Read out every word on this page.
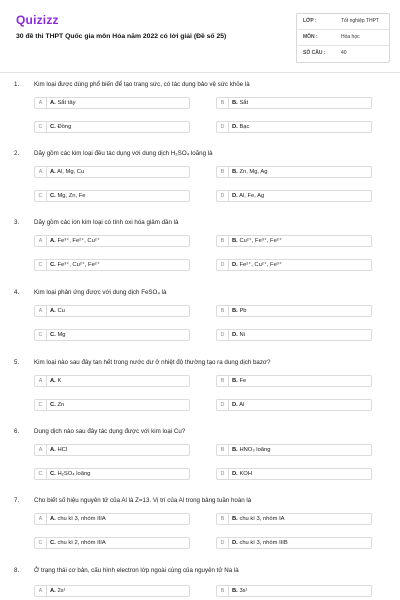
Quizizz
30 đề thi THPT Quốc gia môn Hóa năm 2022 có lời giải (Đề số 25)
LỚP :	Tốt nghiệp THPT
MÔN :	Hóa học
SỐ CÂU :	40
1. Kim loại được dùng phổ biến để tạo trang sức, có tác dụng bảo vệ sức khỏe là
A	A. Sắt tây	B	B. Sắt
C	C. Đồng	D	D. Bạc
2. Dãy gồm các kim loại đều tác dụng với dung dịch H₂SO₄ loãng là
A	A. Al, Mg, Cu	B	B. Zn, Mg, Ag
C	C. Mg, Zn, Fe	D	D. Al, Fe, Ag
3. Dãy gồm các ion kim loại có tính oxi hóa giảm dần là
A	A. Fe³⁺, Fe²⁺, Cu²⁺	B	B. Cu²⁺, Fe³⁺, Fe²⁺
C	C. Fe³⁺, Cu²⁺, Fe²⁺	D	D. Fe²⁺, Cu²⁺, Fe³⁺
4. Kim loại phản ứng được với dung dịch FeSO₄ là
A	A. Cu	B	B. Pb
C	C. Mg	D	D. Ni
5. Kim loại nào sau đây tan hết trong nước dư ở nhiệt độ thường tạo ra dung dịch bazơ?
A	A. K	B	B. Fe
C	C. Zn	D	D. Al
6. Dung dịch nào sau đây tác dụng được với kim loại Cu?
A	A. HCl	B	B. HNO₃ loãng
C	C. H₂SO₄ loãng	D	D. KOH
7. Cho biết số hiệu nguyên tử của Al là Z=13. Vị trí của Al trong bảng tuần hoàn là
A	A. chu kì 3, nhóm IIIA	B	B. chu kì 3, nhóm IA
C	C. chu kì 2, nhóm IIIA	D	D. chu kì 3, nhóm IIIB
8. Ở trạng thái cơ bản, cấu hình electron lớp ngoài cùng của nguyên tử Na là
A	A. 2s¹	B	B. 3s¹
